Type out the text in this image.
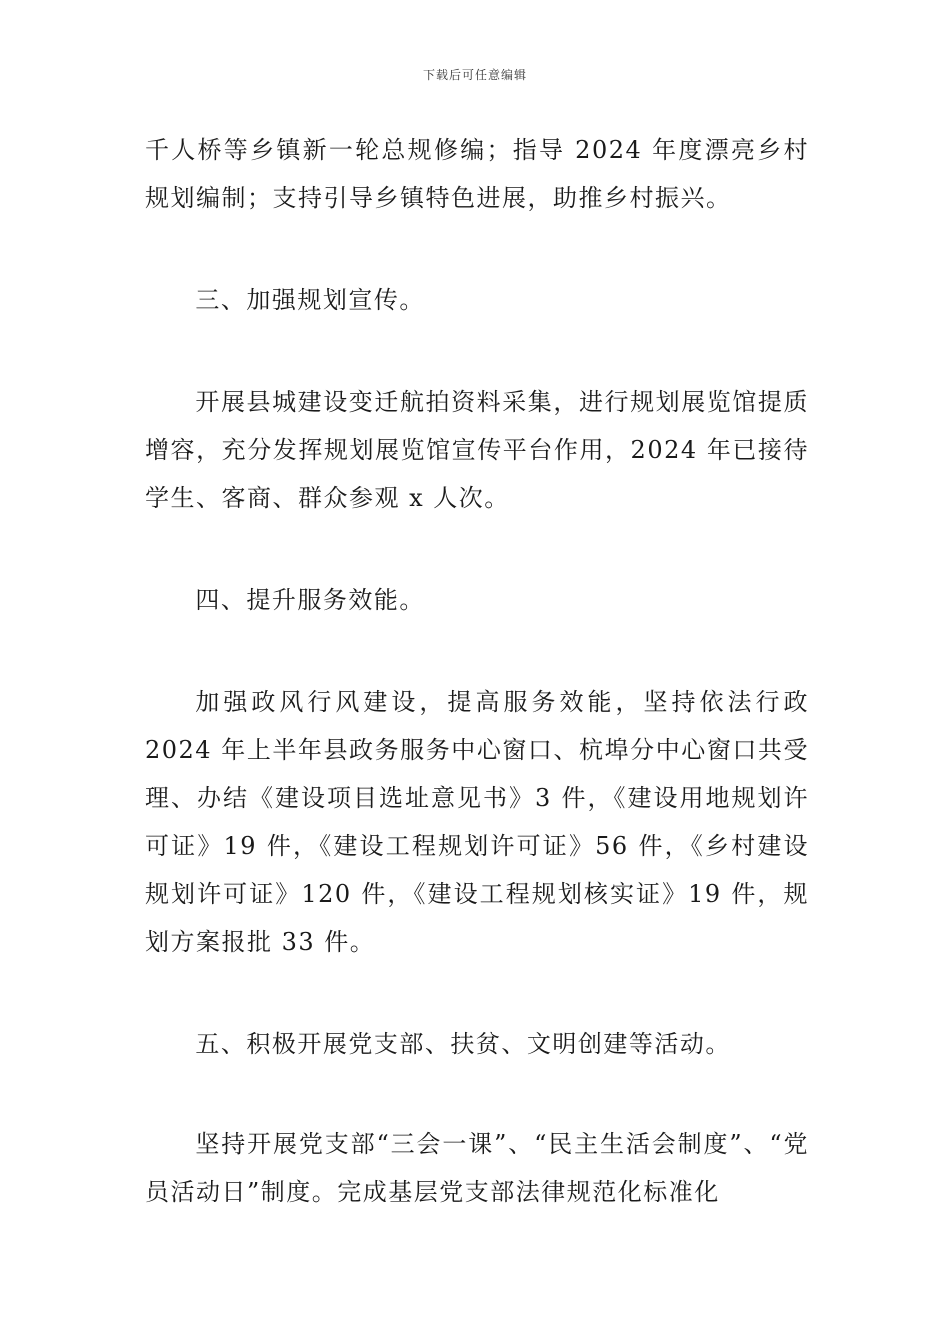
下载后可任意编辑

千人桥等乡镇新一轮总规修编；指导 2024 年度漂亮乡村规划编制；支持引导乡镇特色进展，助推乡村振兴。

三、加强规划宣传。

开展县城建设变迁航拍资料采集，进行规划展览馆提质增容，充分发挥规划展览馆宣传平台作用，2024 年已接待学生、客商、群众参观 x 人次。

四、提升服务效能。

加强政风行风建设，提高服务效能，坚持依法行政2024 年上半年县政务服务中心窗口、杭埠分中心窗口共受理、办结《建设项目选址意见书》3 件，《建设用地规划许可证》19 件，《建设工程规划许可证》56 件，《乡村建设规划许可证》120 件，《建设工程规划核实证》19 件，规划方案报批 33 件。

五、积极开展党支部、扶贫、文明创建等活动。

坚持开展党支部“三会一课”、“民主生活会制度”、“党员活动日”制度。完成基层党支部法律规范化标准化
